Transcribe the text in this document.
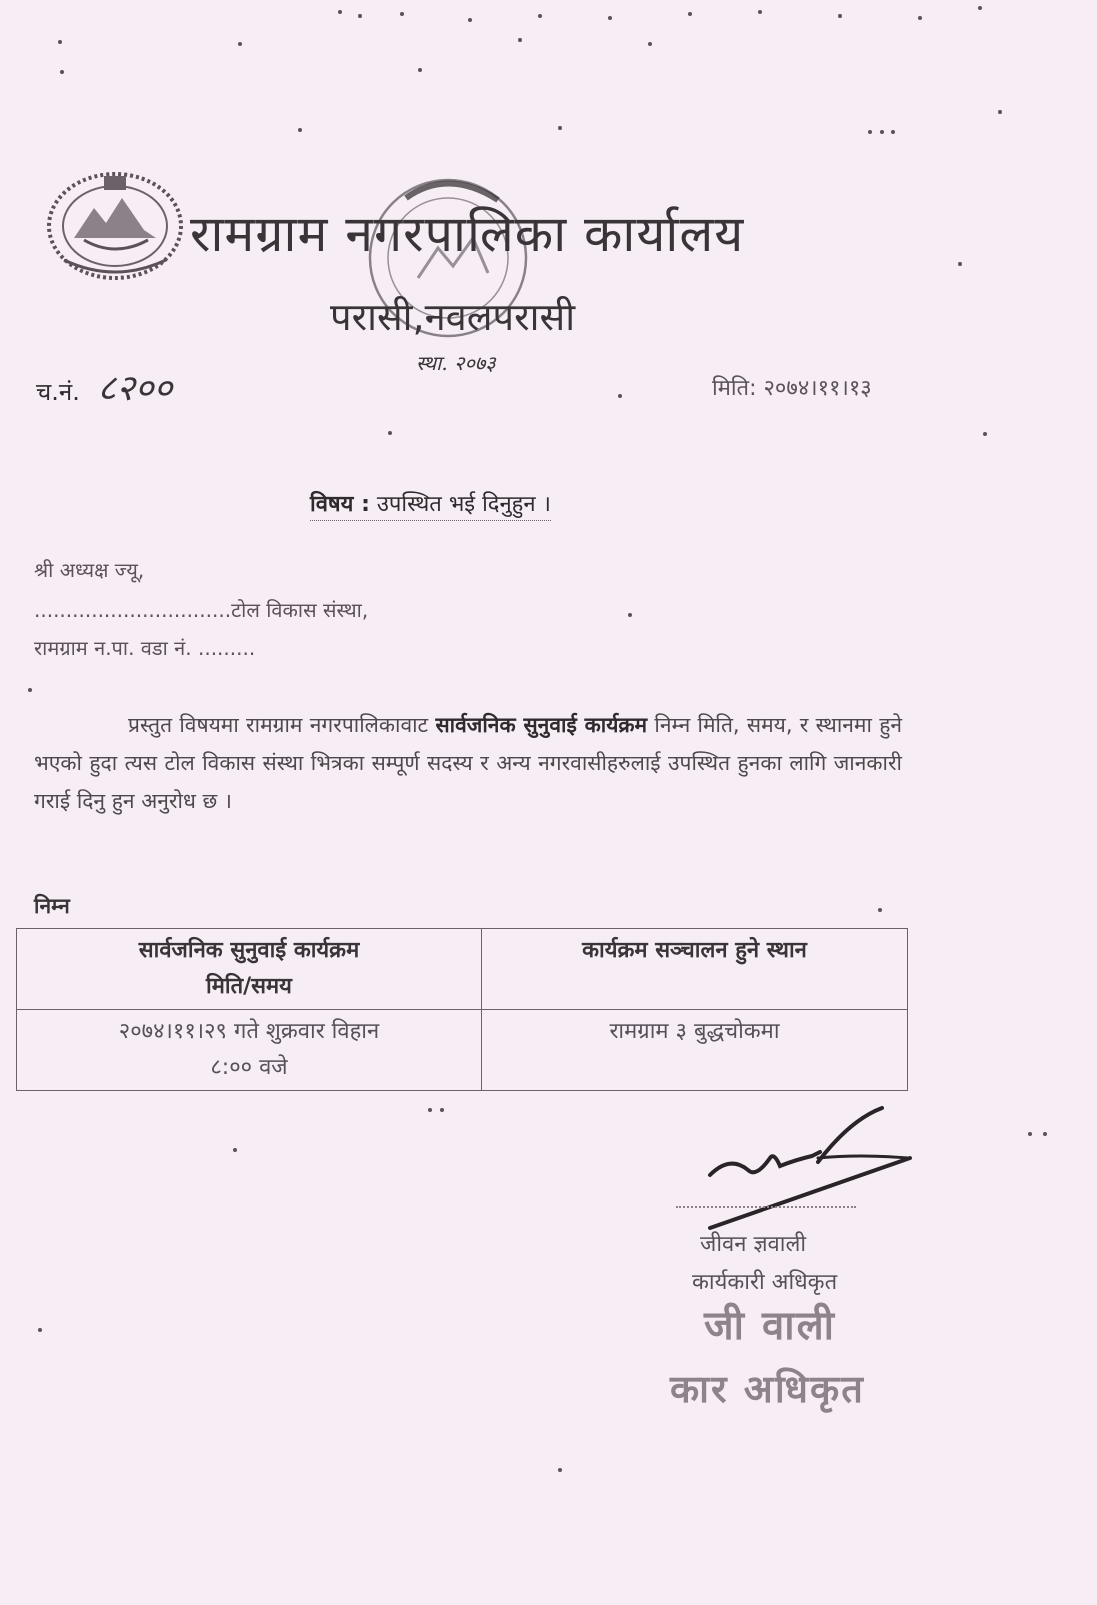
स्था. २०७३
रामग्राम नगरपालिका कार्यालय
परासी,नवलपरासी
च.नं. ८२००	मिति: २०७४।११।१३
विषय : उपस्थित भई दिनुहुन ।
श्री अध्यक्ष ज्यू,
...............................टोल विकास संस्था,
रामग्राम न.पा. वडा नं. .........
प्रस्तुत विषयमा रामग्राम नगरपालिकावाट सार्वजनिक सुनुवाई कार्यक्रम निम्न मिति, समय, र स्थानमा हुने भएको हुदा त्यस टोल विकास संस्था भित्रका सम्पूर्ण सदस्य र अन्य नगरवासीहरुलाई उपस्थित हुनका लागि जानकारी गराई दिनु हुन अनुरोध छ ।
निम्न
सार्वजनिक सुनुवाई कार्यक्रम
मिति/समय	कार्यक्रम सञ्चालन हुने स्थान

२०७४।११।२९ गते शुक्रवार विहान
८:०० वजे	रामग्राम ३ बुद्धचोकमा
जीवन ज्ञवाली
कार्यकारी अधिकृत
जी वाली
कार अधिकृत
